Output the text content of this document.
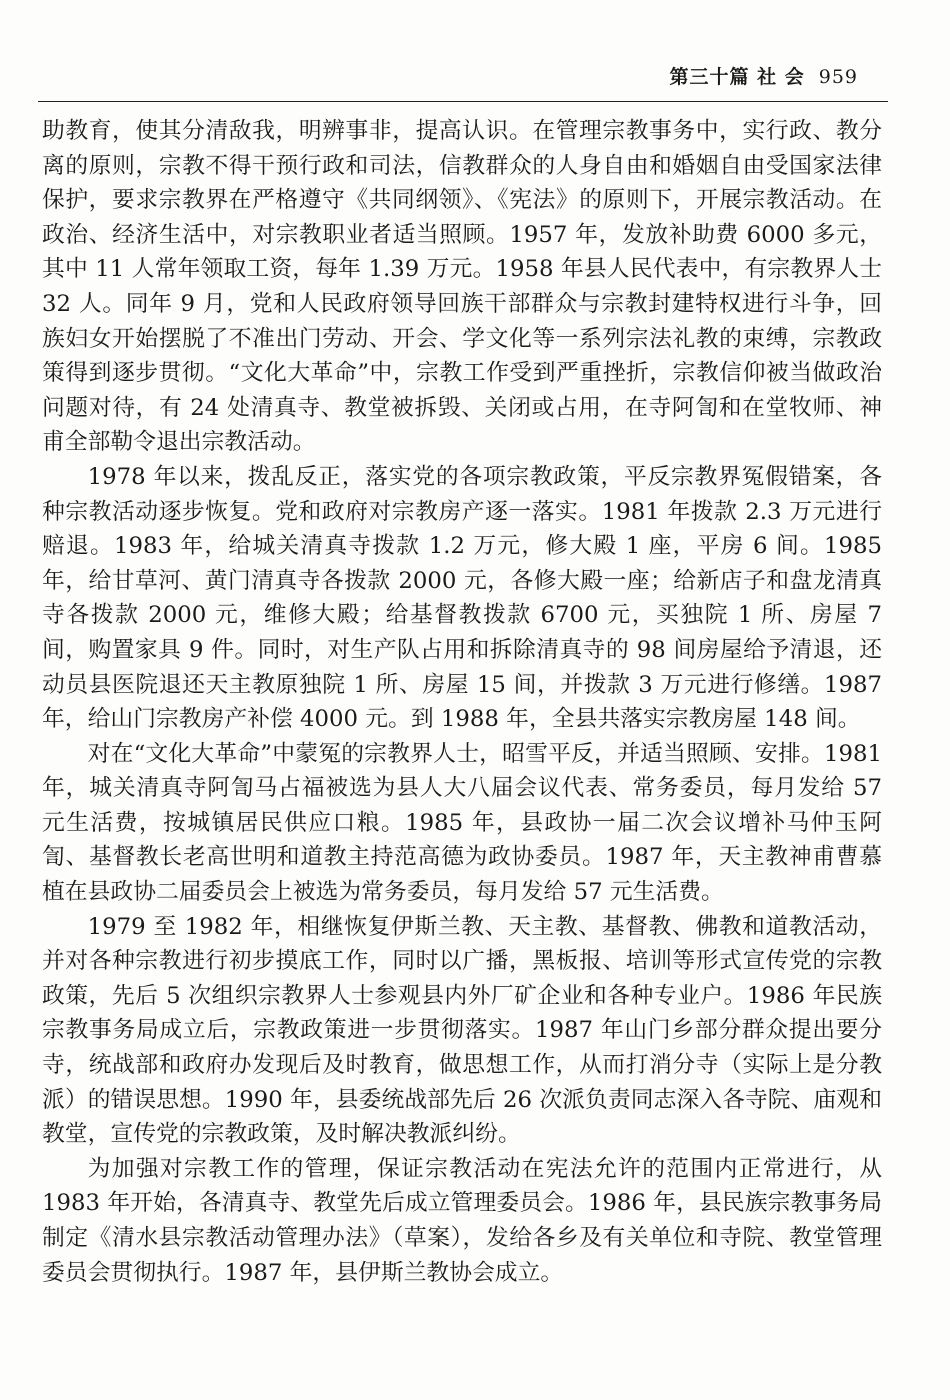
第三十篇 社 会 959

助教育，使其分清敌我，明辨事非，提高认识。在管理宗教事务中，实行政、教分离的原则，宗教不得干预行政和司法，信教群众的人身自由和婚姻自由受国家法律保护，要求宗教界在严格遵守《共同纲领》、《宪法》的原则下，开展宗教活动。在政治、经济生活中，对宗教职业者适当照顾。1957 年，发放补助费 6000 多元，其中 11 人常年领取工资，每年 1.39 万元。1958 年县人民代表中，有宗教界人士 32 人。同年 9 月，党和人民政府领导回族干部群众与宗教封建特权进行斗争，回族妇女开始摆脱了不准出门劳动、开会、学文化等一系列宗法礼教的束缚，宗教政策得到逐步贯彻。“文化大革命”中，宗教工作受到严重挫折，宗教信仰被当做政治问题对待，有 24 处清真寺、教堂被拆毁、关闭或占用，在寺阿訇和在堂牧师、神甫全部勒令退出宗教活动。

1978 年以来，拨乱反正，落实党的各项宗教政策，平反宗教界冤假错案，各种宗教活动逐步恢复。党和政府对宗教房产逐一落实。1981 年拨款 2.3 万元进行赔退。1983 年，给城关清真寺拨款 1.2 万元，修大殿 1 座，平房 6 间。1985 年，给甘草河、黄门清真寺各拨款 2000 元，各修大殿一座；给新店子和盘龙清真寺各拨款 2000 元，维修大殿；给基督教拨款 6700 元，买独院 1 所、房屋 7 间，购置家具 9 件。同时，对生产队占用和拆除清真寺的 98 间房屋给予清退，还动员县医院退还天主教原独院 1 所、房屋 15 间，并拨款 3 万元进行修缮。1987 年，给山门宗教房产补偿 4000 元。到 1988 年，全县共落实宗教房屋 148 间。

对在“文化大革命”中蒙冤的宗教界人士，昭雪平反，并适当照顾、安排。1981 年，城关清真寺阿訇马占福被选为县人大八届会议代表、常务委员，每月发给 57 元生活费，按城镇居民供应口粮。1985 年，县政协一届二次会议增补马仲玉阿訇、基督教长老高世明和道教主持范高德为政协委员。1987 年，天主教神甫曹慕植在县政协二届委员会上被选为常务委员，每月发给 57 元生活费。

1979 至 1982 年，相继恢复伊斯兰教、天主教、基督教、佛教和道教活动，并对各种宗教进行初步摸底工作，同时以广播，黑板报、培训等形式宣传党的宗教政策，先后 5 次组织宗教界人士参观县内外厂矿企业和各种专业户。1986 年民族宗教事务局成立后，宗教政策进一步贯彻落实。1987 年山门乡部分群众提出要分寺，统战部和政府办发现后及时教育，做思想工作，从而打消分寺（实际上是分教派）的错误思想。1990 年，县委统战部先后 26 次派负责同志深入各寺院、庙观和教堂，宣传党的宗教政策，及时解决教派纠纷。

为加强对宗教工作的管理，保证宗教活动在宪法允许的范围内正常进行，从 1983 年开始，各清真寺、教堂先后成立管理委员会。1986 年，县民族宗教事务局制定《清水县宗教活动管理办法》（草案），发给各乡及有关单位和寺院、教堂管理委员会贯彻执行。1987 年，县伊斯兰教协会成立。
